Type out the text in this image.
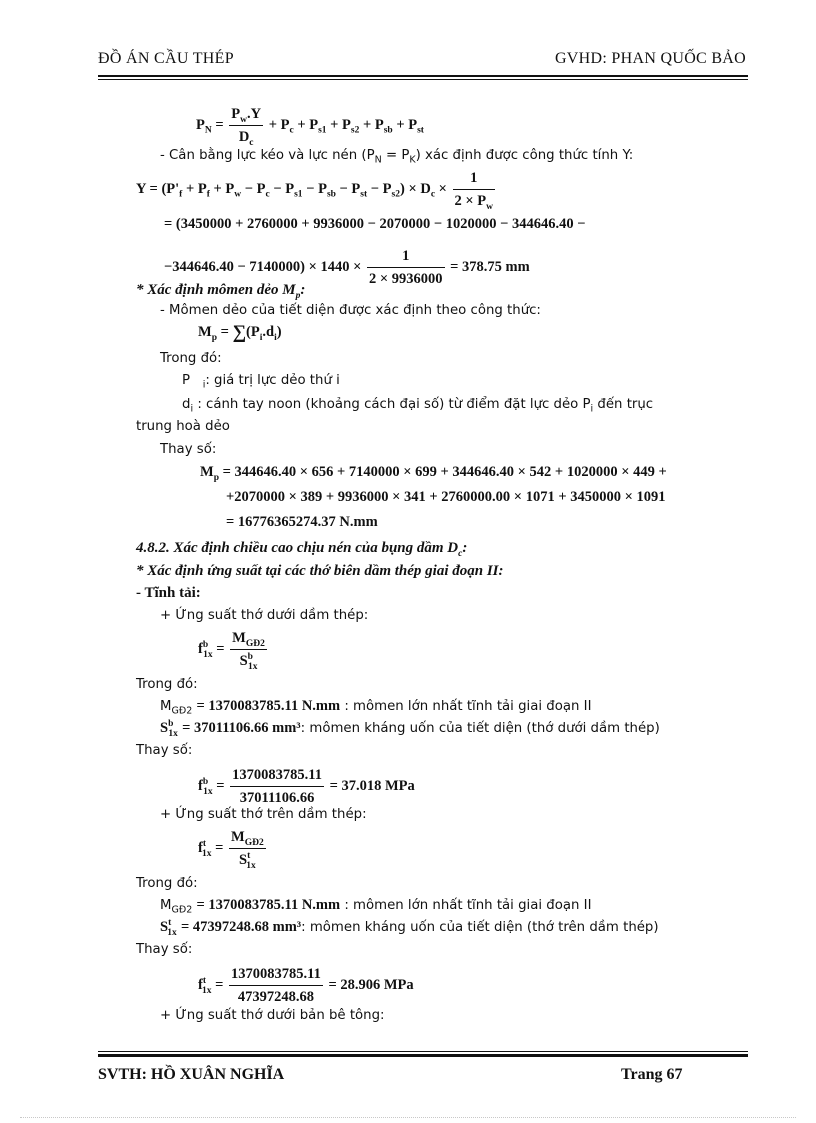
ĐỒ ÁN CẦU THÉP	GVHD: PHAN QUỐC BẢO
$P_N = \frac{P_w.Y}{D_c} + P_c + P_{s1} + P_{s2} + P_{sb} + P_{st}$
- Cân bằng lực kéo và lực nén $(P_N = P_K)$ xác định được công thức tính Y:
$Y = (P'_f + P_f + P_w - P_c - P_{s1} - P_{sb} - P_{st} - P_{s2}) \times D_c \times \frac{1}{2 \times P_w}$
= (3450000 + 2760000 + 9936000 − 2070000 − 1020000 − 344646.40 −
$-344646.40 - 7140000) \times 1440 \times \frac{1}{2 \times 9936000} = 378.75$ mm
* Xác định mômen dẻo $M_p$:
- Mômen dẻo của tiết diện được xác định theo công thức:
$M_p = \sum(P_i.d_i)$
Trong đó:
P   $_i$: giá trị lực dẻo thứ i
$d_i$ : cánh tay noon (khoảng cách đại số) từ điểm đặt lực dẻo $P_i$ đến trục
trung hoà dẻo
Thay số:
$M_p = 344646.40 \times 656 + 7140000 \times 699 + 344646.40 \times 542 + 1020000 \times 449$ +
+2070000 × 389 + 9936000 × 341 + 2760000.00 × 1071 + 3450000 × 1091
= 16776365274.37 N.mm
4.8.2. Xác định chiều cao chịu nén của bụng dầm $D_c$:
* Xác định ứng suất tại các thớ biên dầm thép giai đoạn II:
- Tĩnh tải:
+ Ứng suất thớ dưới dầm thép:
$f^b_{1x} = \frac{M_{GĐ2}}{S^b_{1x}}$
Trong đó:
$M_{GĐ2} = 1370083785.11$ N.mm : mômen lớn nhất tĩnh tải giai đoạn II
$S^b_{1x} = 37011106.66$ mm³: mômen kháng uốn của tiết diện (thớ dưới dầm thép)
Thay số:
$f^b_{1x} = \frac{1370083785.11}{37011106.66} = 37.018$ MPa
+ Ứng suất thớ trên dầm thép:
$f^t_{1x} = \frac{M_{GĐ2}}{S^t_{1x}}$
Trong đó:
$M_{GĐ2} = 1370083785.11$ N.mm : mômen lớn nhất tĩnh tải giai đoạn II
$S^t_{1x} = 47397248.68$ mm³: mômen kháng uốn của tiết diện (thớ trên dầm thép)
Thay số:
$f^t_{1x} = \frac{1370083785.11}{47397248.68} = 28.906$ MPa
+ Ứng suất thớ dưới bản bê tông:
SVTH: HỒ XUÂN NGHĨA	Trang 67
